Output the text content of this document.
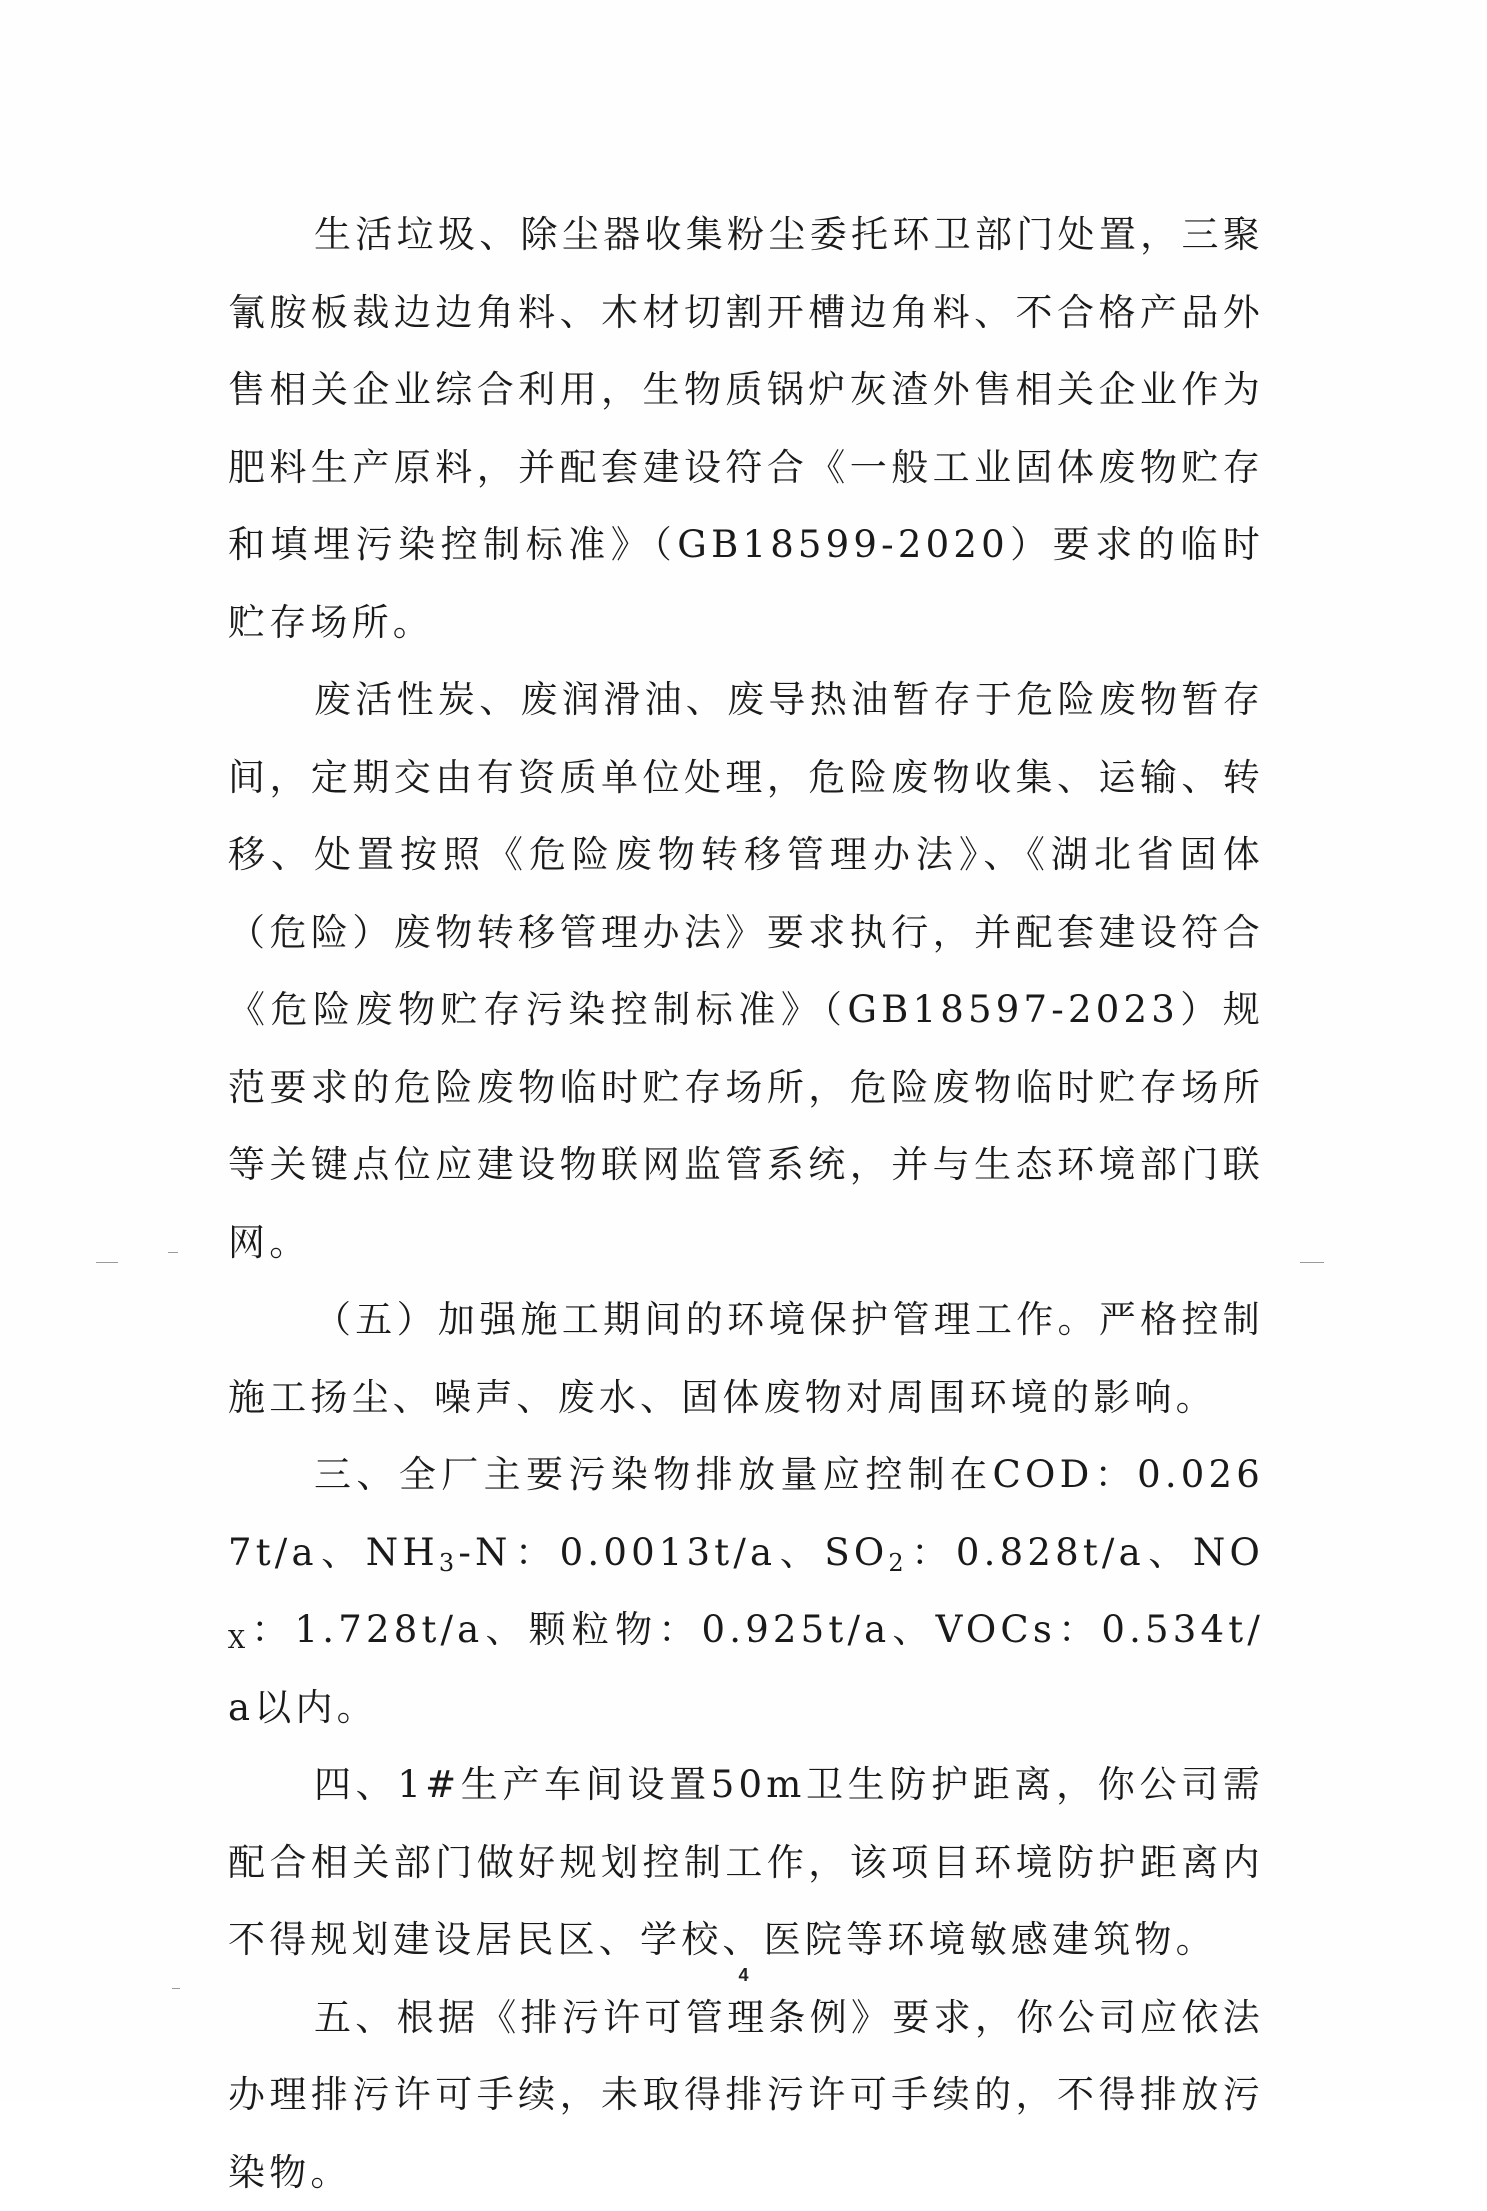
生活垃圾、除尘器收集粉尘委托环卫部门处置，三聚氰胺板裁边边角料、木材切割开槽边角料、不合格产品外售相关企业综合利用，生物质锅炉灰渣外售相关企业作为肥料生产原料，并配套建设符合《一般工业固体废物贮存和填埋污染控制标准》（GB18599-2020）要求的临时贮存场所。

废活性炭、废润滑油、废导热油暂存于危险废物暂存间，定期交由有资质单位处理，危险废物收集、运输、转移、处置按照《危险废物转移管理办法》、《湖北省固体（危险）废物转移管理办法》要求执行，并配套建设符合《危险废物贮存污染控制标准》（GB18597-2023）规范要求的危险废物临时贮存场所，危险废物临时贮存场所等关键点位应建设物联网监管系统，并与生态环境部门联网。

（五）加强施工期间的环境保护管理工作。严格控制施工扬尘、噪声、废水、固体废物对周围环境的影响。

三、全厂主要污染物排放量应控制在COD：0.0267t/a、$NH_3-N$：0.0013t/a、$SO_2$：0.828t/a、$NO_X$：1.728t/a、颗粒物：0.925t/a、VOCs：0.534t/a以内。

四、1#生产车间设置50m卫生防护距离，你公司需配合相关部门做好规划控制工作，该项目环境防护距离内不得规划建设居民区、学校、医院等环境敏感建筑物。

五、根据《排污许可管理条例》要求，你公司应依法办理排污许可手续，未取得排污许可手续的，不得排放污染物。

4
